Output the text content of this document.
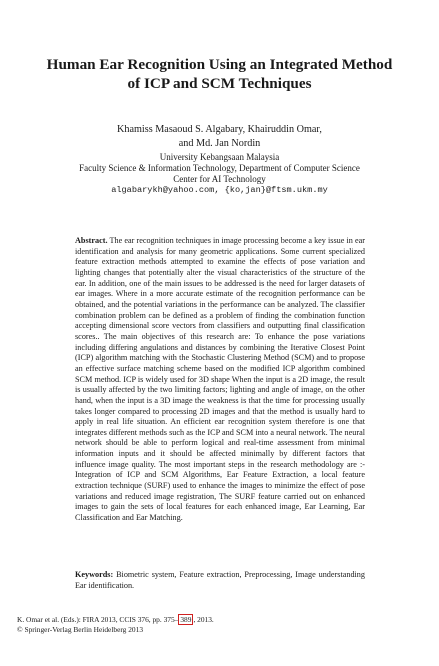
Human Ear Recognition Using an Integrated Method
of ICP and SCM Techniques
Khamiss Masaoud S. Algabary, Khairuddin Omar,
and Md. Jan Nordin
University Kebangsaan Malaysia
Faculty Science & Information Technology, Department of Computer Science
Center for AI Technology
algabarykh@yahoo.com, {ko,jan}@ftsm.ukm.my
Abstract. The ear recognition techniques in image processing become a key issue in ear identification and analysis for many geometric applications. Some current specialized feature extraction methods attempted to examine the effects of pose variation and lighting changes that potentially alter the visual characteristics of the structure of the ear. In addition, one of the main issues to be addressed is the need for larger datasets of ear images. Where in a more accurate estimate of the recognition performance can be obtained, and the potential variations in the performance can be analyzed. The classifier combination problem can be defined as a problem of finding the combination function accepting dimensional score vectors from classifiers and outputting final classification scores.. The main objectives of this research are: To enhance the pose variations including differing angulations and distances by combining the Iterative Closest Point (ICP) algorithm matching with the Stochastic Clustering Method (SCM) and to propose an effective surface matching scheme based on the modified ICP algorithm combined SCM method. ICP is widely used for 3D shape When the input is a 2D image, the result is usually affected by the two limiting factors; lighting and angle of image, on the other hand, when the input is a 3D image the weakness is that the time for processing usually takes longer compared to processing 2D images and that the method is usually hard to apply in real life situation. An efficient ear recognition system therefore is one that integrates different methods such as the ICP and SCM into a neural network. The neural network should be able to perform logical and real-time assessment from minimal information inputs and it should be affected minimally by different factors that influence image quality. The most important steps in the research methodology are :- Integration of ICP and SCM Algorithms, Ear Feature Extraction, a local feature extraction technique (SURF) used to enhance the images to minimize the effect of pose variations and reduced image registration, The SURF feature carried out on enhanced images to gain the sets of local features for each enhanced image, Ear Learning, Ear Classification and Ear Matching.
Keywords: Biometric system, Feature extraction, Preprocessing, Image understanding Ear identification.
K. Omar et al. (Eds.): FIRA 2013, CCIS 376, pp. 375– 389 , 2013.
© Springer-Verlag Berlin Heidelberg 2013
